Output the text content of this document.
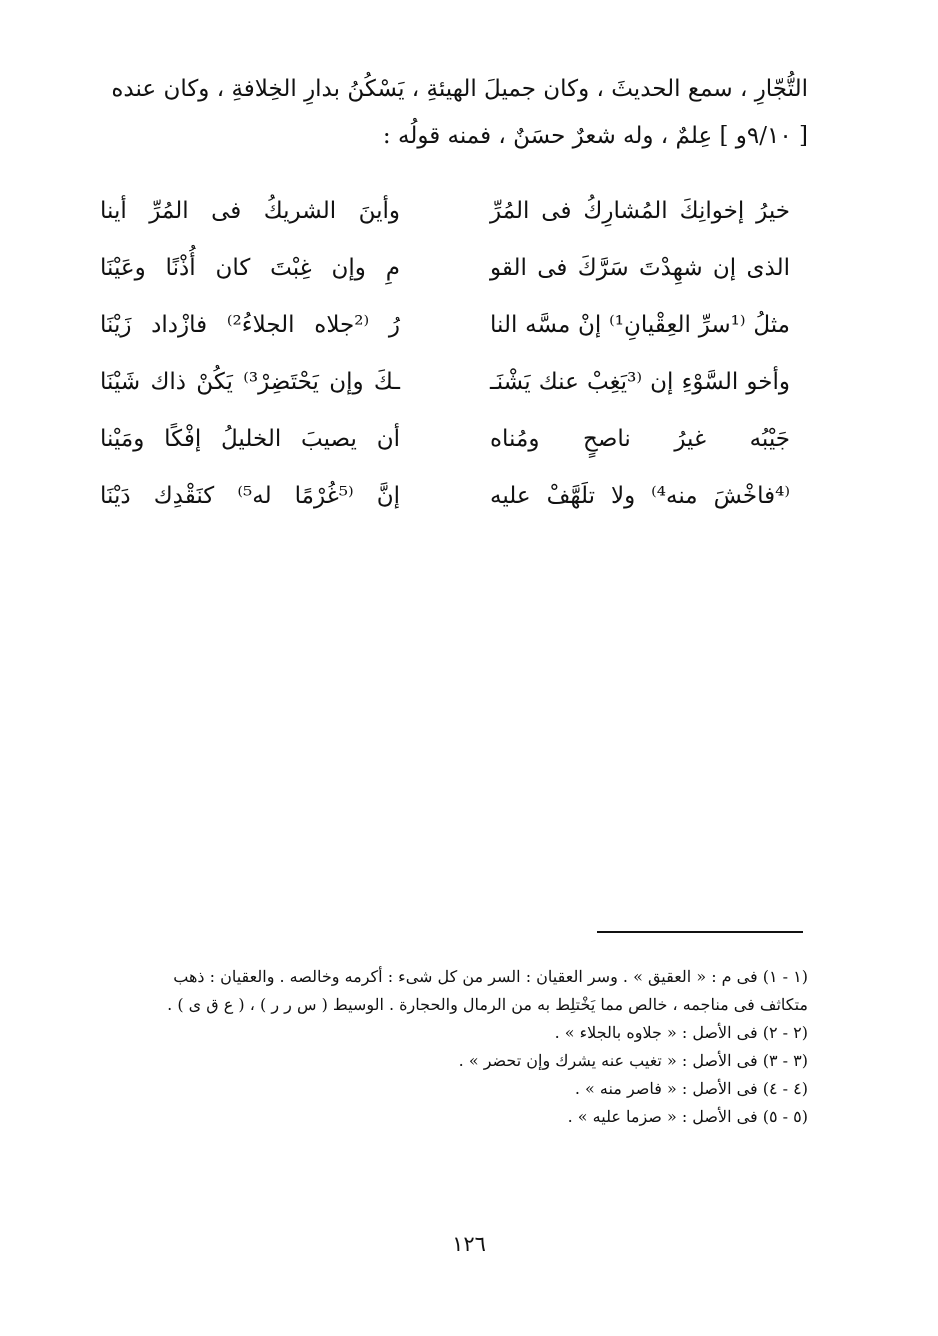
التُّجّارِ ، سمع الحديثَ ، وكان جميلَ الهيئةِ ، يَسْكُنُ بدارِ الخِلافةِ ، وكان عنده
[ ٩/١٠و ] عِلمٌ ، وله شعرٌ حسَنٌ ، فمنه قولُه :
خيرُ إخوانِكَ المُشارِكُ فى المُرِّ
وأينَ الشريكُ فى المُرِّ أينا
الذى إن شهِدْتَ سَرَّكَ فى القو
مِ وإن غِبْتَ كان أُذْنًا وعَيْنَا
مثلُ ⁽¹سرِّ العِقْيانِ¹⁾ إنْ مسَّه النا
رُ ⁽²جلاه الجلاءُ²⁾ فازْداد زَيْنَا
وأخو السَّوْءِ إن ⁽³يَغِبْ عنك يَشْنَـ
ـكَ وإن يَحْتَضِرْ³⁾ يَكُنْ ذاك شَيْنَا
جَيْبُه غيرُ ناصحٍ ومُناه
أن يصيبَ الخليلُ إفْكًا ومَيْنا
⁽⁴فاخْشَ منه⁴⁾ ولا تلَهَّفْ عليه
إنَّ ⁽⁵غُرْمًا له⁵⁾ كنَقْدِك دَيْنَا
(١ - ١) فى م : « العقيق » . وسر العقيان : السر من كل شىء : أكرمه وخالصه . والعقيان : ذهب
متكاثف فى مناجمه ، خالص مما يَخْتلِط به من الرمال والحجارة . الوسيط ( س ر ر ) ، ( ع ق ى ) .
(٢ - ٢) فى الأصل : « جلاوه بالجلاء » .
(٣ - ٣) فى الأصل : « تغيب عنه يشرك وإن تحضر » .
(٤ - ٤) فى الأصل : « فاصر منه » .
(٥ - ٥) فى الأصل : « صزما عليه » .
١٢٦
